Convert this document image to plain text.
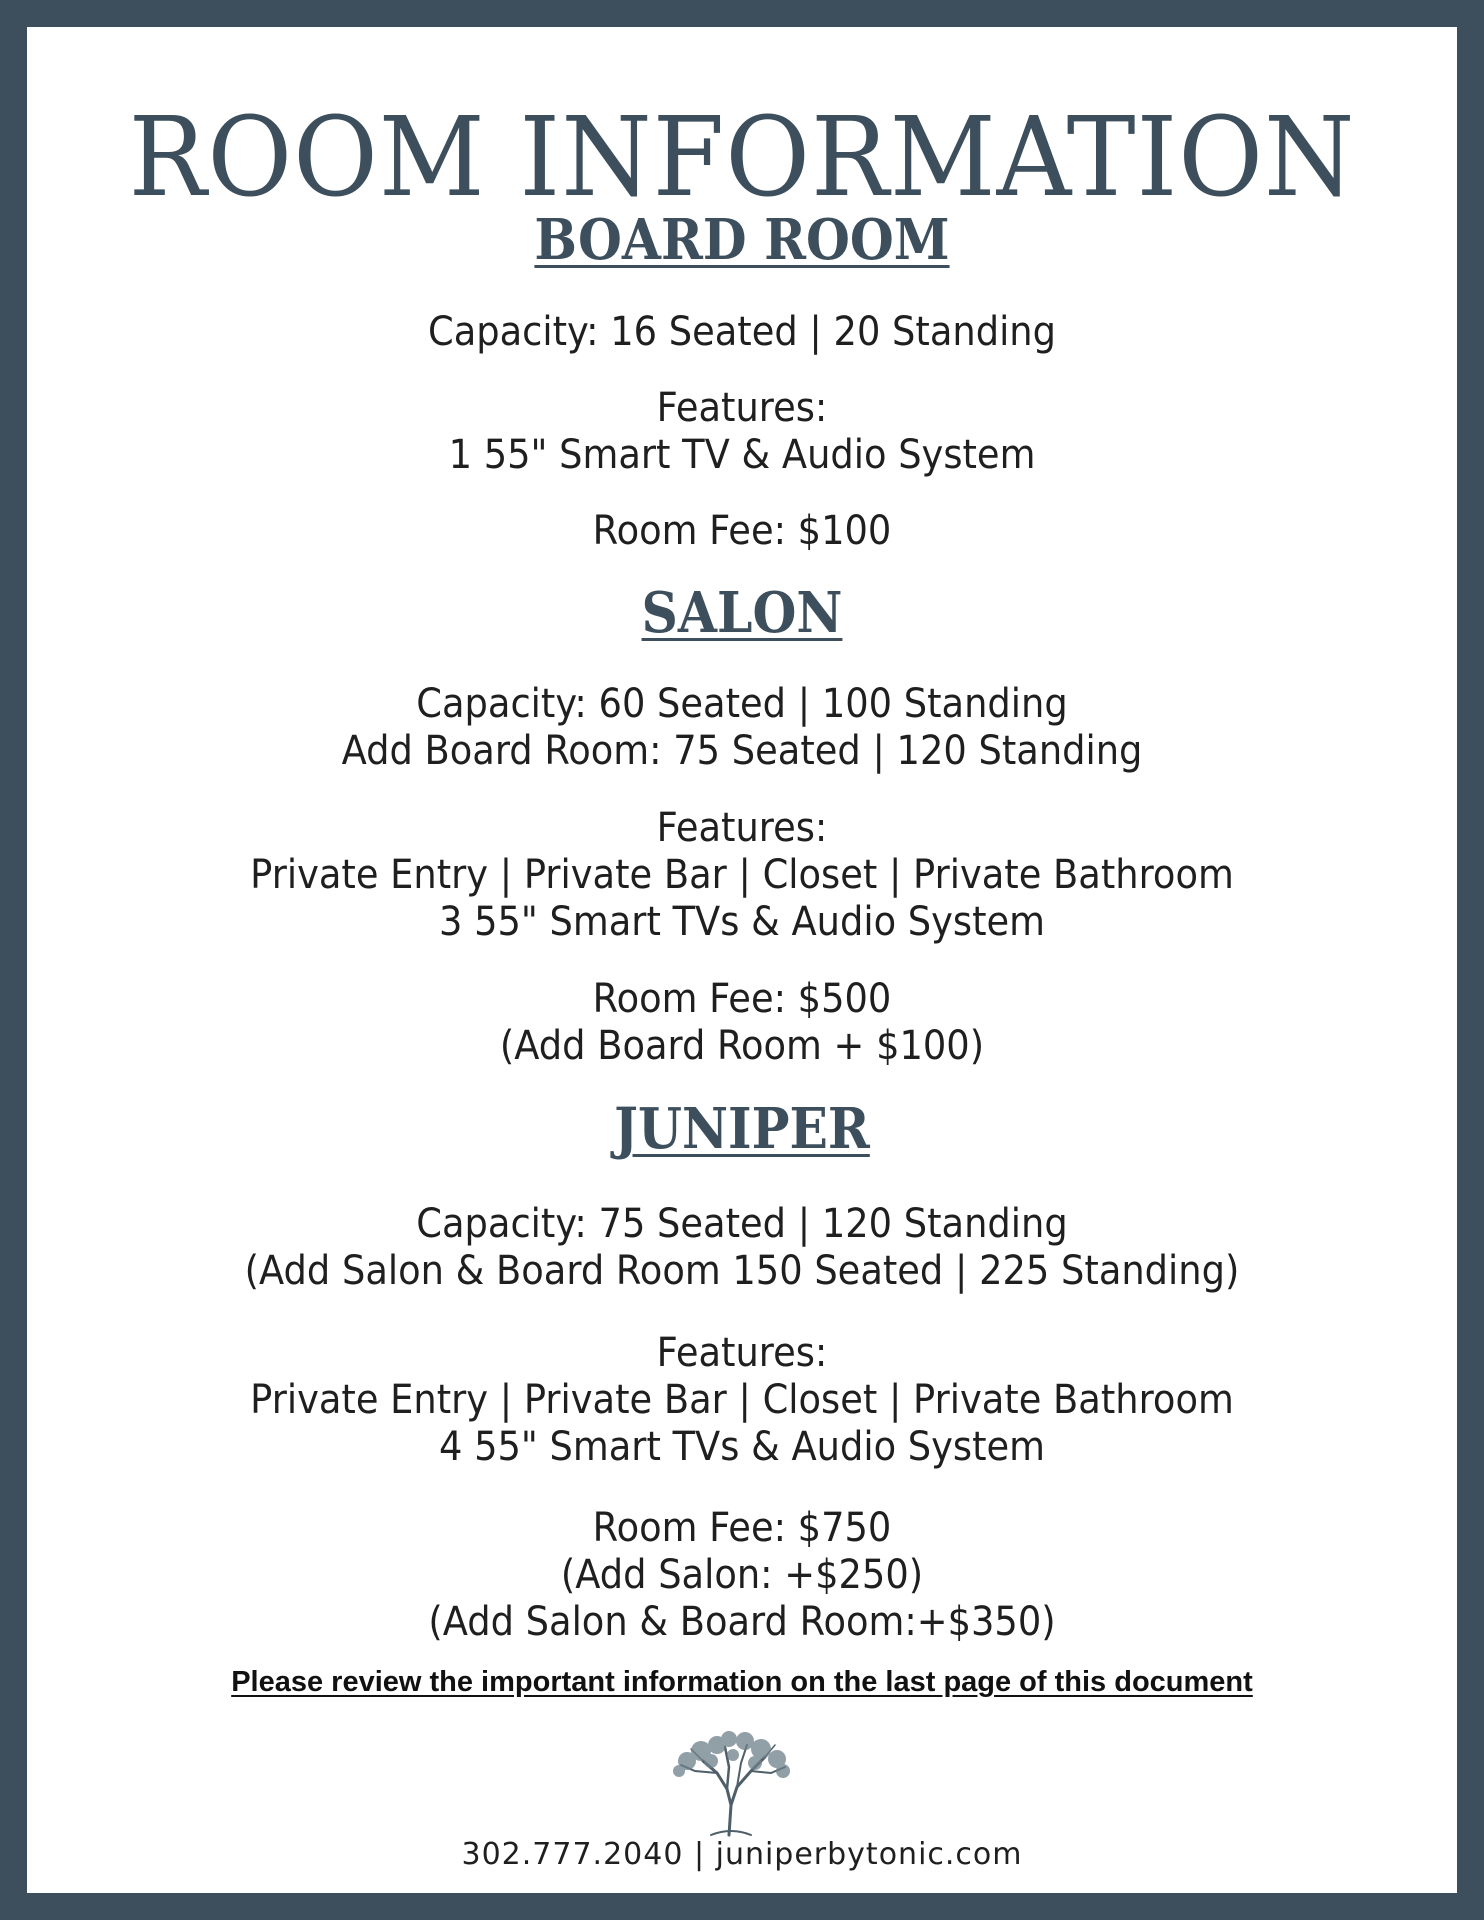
ROOM INFORMATION
BOARD ROOM

Capacity: 16 Seated | 20 Standing

Features:

1 55" Smart TV & Audio System

Room Fee: $100

SALON

Capacity: 60 Seated | 100 Standing

Add Board Room: 75 Seated | 120 Standing

Features:

Private Entry | Private Bar | Closet | Private Bathroom

3 55" Smart TVs & Audio System

Room Fee: $500

(Add Board Room + $100)

JUNIPER

Capacity: 75 Seated | 120 Standing

(Add Salon & Board Room 150 Seated | 225 Standing)

Features:

Private Entry | Private Bar | Closet | Private Bathroom

4 55" Smart TVs & Audio System

Room Fee: $750

(Add Salon: +$250)

(Add Salon & Board Room:+$350)

Please review the important information on the last page of this document

302.777.2040 | juniperbytonic.com
